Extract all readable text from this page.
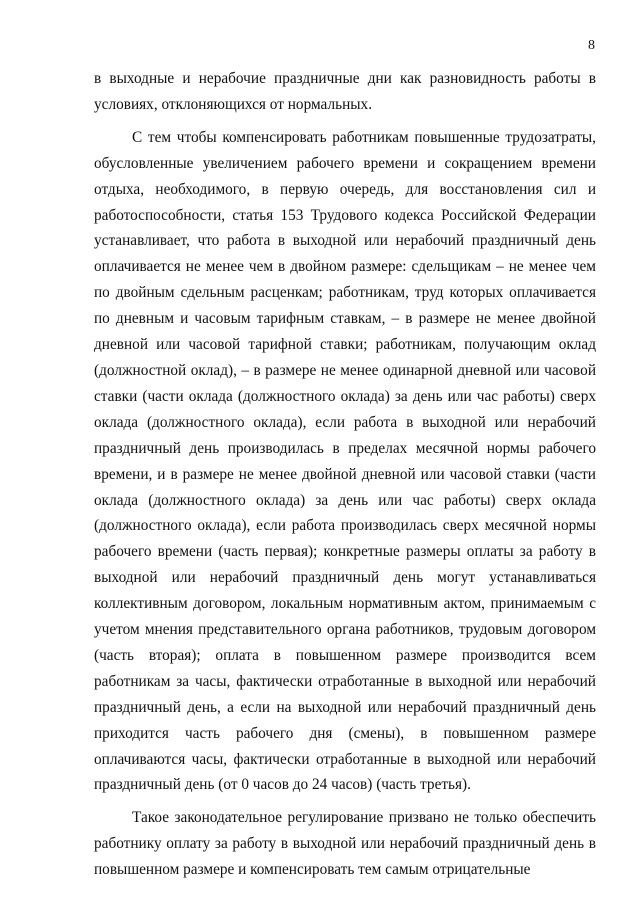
8

в выходные и нерабочие праздничные дни как разновидность работы в условиях, отклоняющихся от нормальных.

С тем чтобы компенсировать работникам повышенные трудозатраты, обусловленные увеличением рабочего времени и сокращением времени отдыха, необходимого, в первую очередь, для восстановления сил и работоспособности, статья 153 Трудового кодекса Российской Федерации устанавливает, что работа в выходной или нерабочий праздничный день оплачивается не менее чем в двойном размере: сдельщикам – не менее чем по двойным сдельным расценкам; работникам, труд которых оплачивается по дневным и часовым тарифным ставкам, – в размере не менее двойной дневной или часовой тарифной ставки; работникам, получающим оклад (должностной оклад), – в размере не менее одинарной дневной или часовой ставки (части оклада (должностного оклада) за день или час работы) сверх оклада (должностного оклада), если работа в выходной или нерабочий праздничный день производилась в пределах месячной нормы рабочего времени, и в размере не менее двойной дневной или часовой ставки (части оклада (должностного оклада) за день или час работы) сверх оклада (должностного оклада), если работа производилась сверх месячной нормы рабочего времени (часть первая); конкретные размеры оплаты за работу в выходной или нерабочий праздничный день могут устанавливаться коллективным договором, локальным нормативным актом, принимаемым с учетом мнения представительного органа работников, трудовым договором (часть вторая); оплата в повышенном размере производится всем работникам за часы, фактически отработанные в выходной или нерабочий праздничный день, а если на выходной или нерабочий праздничный день приходится часть рабочего дня (смены), в повышенном размере оплачиваются часы, фактически отработанные в выходной или нерабочий праздничный день (от 0 часов до 24 часов) (часть третья).

Такое законодательное регулирование призвано не только обеспечить работнику оплату за работу в выходной или нерабочий праздничный день в повышенном размере и компенсировать тем самым отрицательные
